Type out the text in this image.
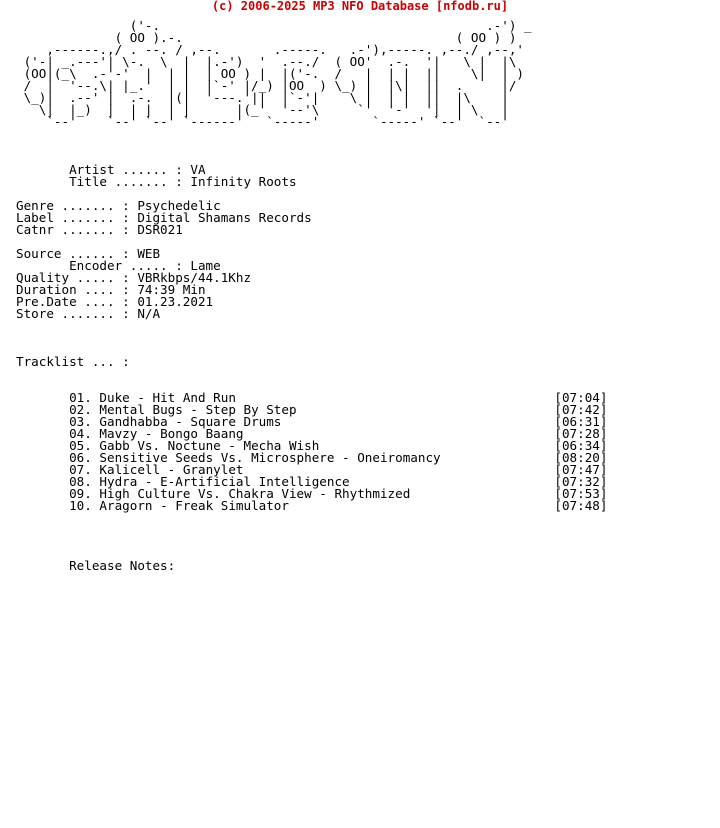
(c) 2006-2025 MP3 NFO Database [nfodb.ru]
('-.                                           .-') _
( OO ).-.                                    ( OO ) )
,------.,/ . --. / ,--.       .-----.   .-'),-----. ,--./ ,--,'
('-| _.---'| \-.  \  |  |.-')  '  .--./  ( OO'  .-.  '|   \ |  |\
(OO|(_\  .-'-'  |  | |  | OO ) |  |('-.  /   |  | |  ||    \|  | )
/  |  '--.\| |_.'  | |  |`-' |/_) |OO  ) \_) |  |\|  ||  .     |/
\_)|  .--' |  .-.  |(|  '---.'||  |`-'|    \ |  | |  ||  |\    |
\|  |_)  |  | |  | |      |(_'  '--'\     `'  '-'  '|  | \   |
`--'    `--' `--' `------'   `-----'       `-----' `--'  `--'

Artist ...... : VA
Title ....... : Infinity Roots

Genre ....... : Psychedelic
Label ....... : Digital Shamans Records
Catnr ....... : DSR021

Source ...... : WEB
Encoder ..... : Lame
Quality ..... : VBRkbps/44.1Khz
Duration .... : 74:39 Min
Pre.Date .... : 01.23.2021
Store ....... : N/A

Tracklist ... :

01. Duke - Hit And Run	[07:04]
02. Mental Bugs - Step By Step	[07:42]
03. Gandhabba - Square Drums	[06:31]
04. Mavzy - Bongo Baang	[07:28]
05. Gabb Vs. Noctune - Mecha Wish	[06:34]
06. Sensitive Seeds Vs. Microsphere - Oneiromancy	[08:20]
07. Kalicell - Granylet	[07:47]
08. Hydra - E-Artificial Intelligence	[07:32]
09. High Culture Vs. Chakra View - Rhythmized	[07:53]
10. Aragorn - Freak Simulator	[07:48]

Release Notes:
